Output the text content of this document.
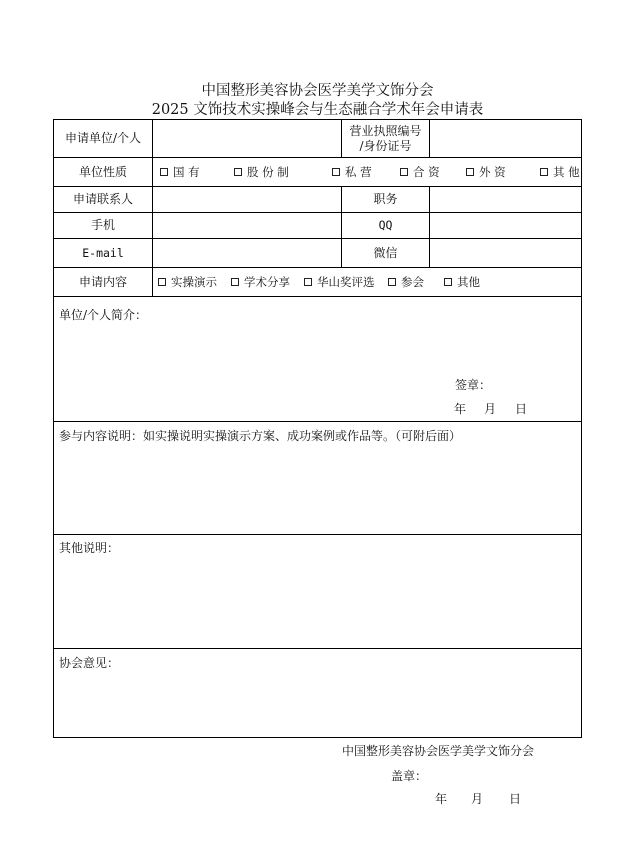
中国整形美容协会医学美学文饰分会
2025 文饰技术实操峰会与生态融合学术年会申请表
申请单位/个人
营业执照编号
/身份证号
单位性质	国 有	股 份 制	私 营	合 资	外 资	其 他
申请联系人	职务
手机	QQ
E-mail	微信
申请内容	实操演示 学术分享 华山奖评选 参会	其他
单位/个人简介：
签章：
年 月 日
参与内容说明：如实操说明实操演示方案、成功案例或作品等。（可附后面）
其他说明：
协会意见：
中国整形美容协会医学美学文饰分会
盖章：
年 月 日
